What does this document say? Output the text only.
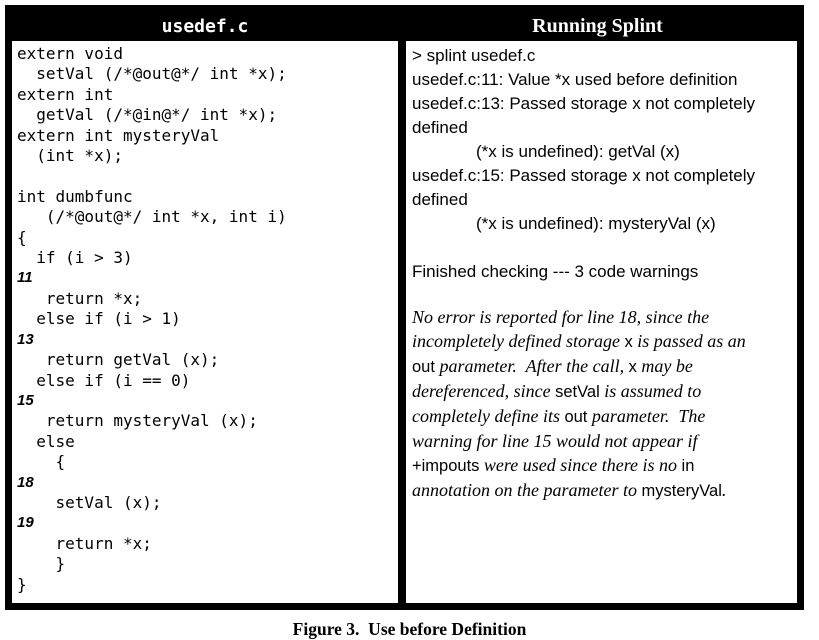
usedef.c	Running Splint
extern void
setVal (/*@out@*/ int *x);
extern int
getVal (/*@in@*/ int *x);
extern int mysteryVal
(int *x);

int dumbfunc
(/*@out@*/ int *x, int i)
{
if (i > 3)
11
return *x;
else if (i > 1)
13
return getVal (x);
else if (i == 0)
15
return mysteryVal (x);
else
{
18
setVal (x);
19
return *x;
}
}
> splint usedef.c
usedef.c:11: Value *x used before definition
usedef.c:13: Passed storage x not completely
defined
(*x is undefined): getVal (x)
usedef.c:15: Passed storage x not completely
defined
(*x is undefined): mysteryVal (x)

Finished checking --- 3 code warnings
No error is reported for line 18, since the
incompletely defined storage x is passed as an
out parameter.  After the call, x may be
dereferenced, since setVal is assumed to
completely define its out parameter.  The
warning for line 15 would not appear if
+impouts were used since there is no in
annotation on the parameter to mysteryVal.
Figure 3.  Use before Definition
